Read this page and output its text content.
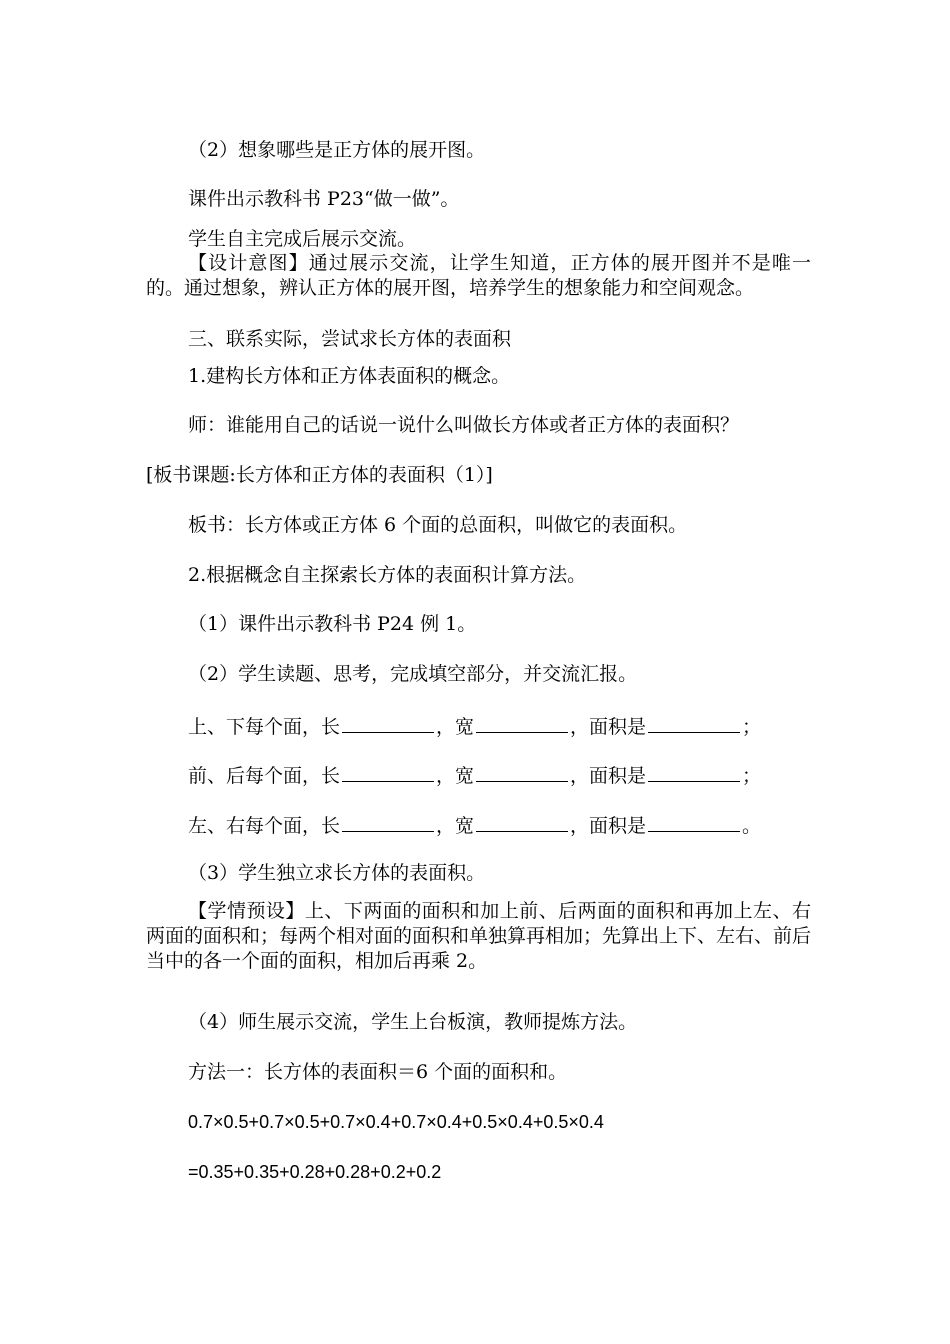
（2）想象哪些是正方体的展开图。
课件出示教科书 P23“做一做”。
学生自主完成后展示交流。
【设计意图】通过展示交流，让学生知道，正方体的展开图并不是唯一的。通过想象，辨认正方体的展开图，培养学生的想象能力和空间观念。
三、联系实际，尝试求长方体的表面积
1.建构长方体和正方体表面积的概念。
师：谁能用自己的话说一说什么叫做长方体或者正方体的表面积？
[板书课题:长方体和正方体的表面积（1）]
板书：长方体或正方体 6 个面的总面积，叫做它的表面积。
2.根据概念自主探索长方体的表面积计算方法。
（1）课件出示教科书 P24 例 1。
（2）学生读题、思考，完成填空部分，并交流汇报。
上、下每个面，长	，宽	，面积是	；
前、后每个面，长	，宽	，面积是	；
左、右每个面，长	，宽	，面积是	。
（3）学生独立求长方体的表面积。
【学情预设】上、下两面的面积和加上前、后两面的面积和再加上左、右两面的面积和；每两个相对面的面积和单独算再相加；先算出上下、左右、前后当中的各一个面的面积，相加后再乘 2。
（4）师生展示交流，学生上台板演，教师提炼方法。
方法一：长方体的表面积＝6 个面的面积和。
0.7×0.5+0.7×0.5+0.7×0.4+0.7×0.4+0.5×0.4+0.5×0.4
=0.35+0.35+0.28+0.28+0.2+0.2
